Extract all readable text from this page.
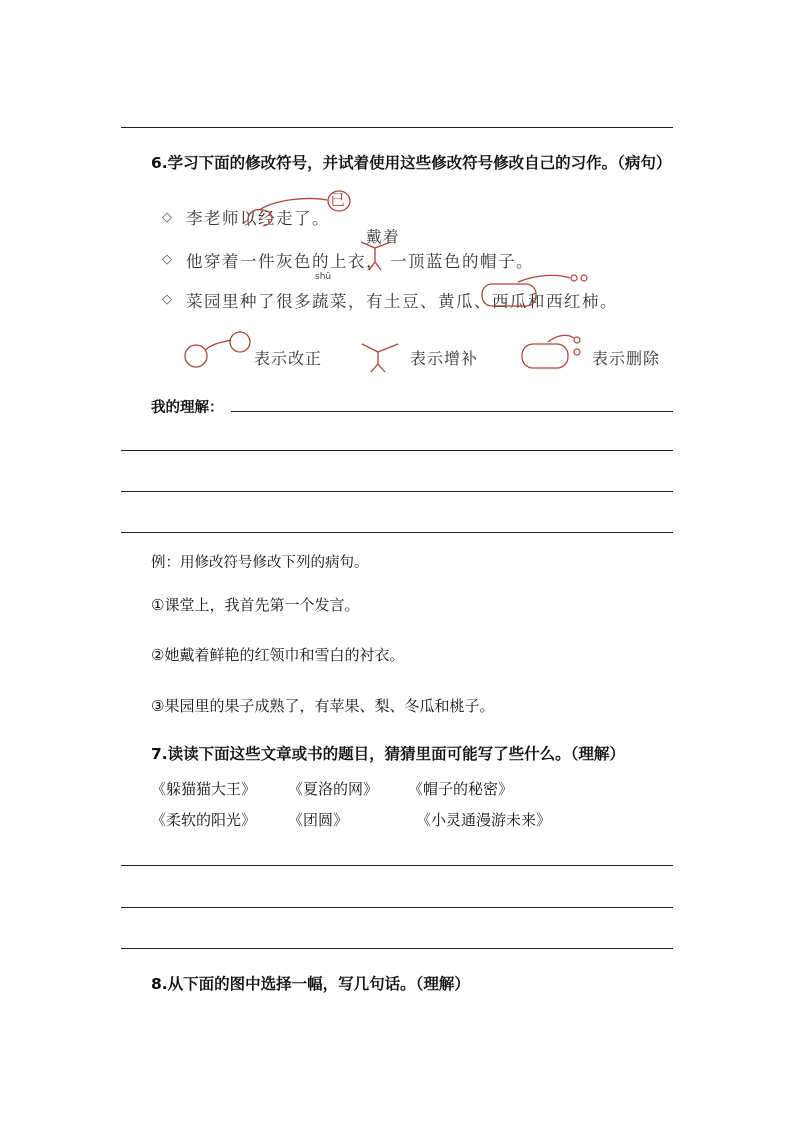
6.学习下面的修改符号，并试着使用这些修改符号修改自己的习作。（病句）
◇ 李老师以经走了。
已
◇ 他穿着一件灰色的上衣， 一顶蓝色的帽子。
戴着
◇ 菜园里种了很多蔬菜，有土豆、黄瓜、西瓜和西红柿。
shū
表示改正	表示增补	表示删除
我的理解：
例：用修改符号修改下列的病句。
①课堂上，我首先第一个发言。
②她戴着鲜艳的红领巾和雪白的衬衣。
③果园里的果子成熟了，有苹果、梨、冬瓜和桃子。
7.读读下面这些文章或书的题目，猜猜里面可能写了些什么。（理解）
《躲猫猫大王》 《夏洛的网》 《帽子的秘密》
《柔软的阳光》 《团圆》	《小灵通漫游未来》
8.从下面的图中选择一幅，写几句话。（理解）
